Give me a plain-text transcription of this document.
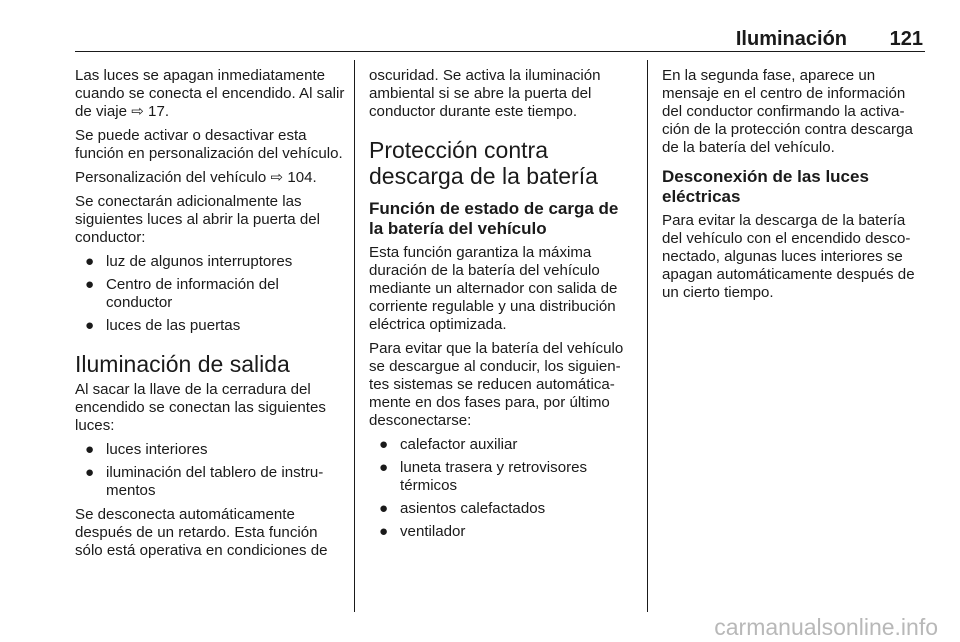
Iluminación 121

Las luces se apagan inmediatamente cuando se conecta el encendido. Al salir de viaje ⇨ 17.

Se puede activar o desactivar esta función en personalización del vehículo.

Personalización del vehículo ⇨ 104.

Se conectarán adicionalmente las siguientes luces al abrir la puerta del conductor:

● luz de algunos interruptores
● Centro de información del conductor
● luces de las puertas
Iluminación de salida

Al sacar la llave de la cerradura del encendido se conectan las siguientes luces:

● luces interiores
● iluminación del tablero de instru- mentos

Se desconecta automáticamente después de un retardo. Esta función sólo está operativa en condiciones de

oscuridad. Se activa la iluminación ambiental si se abre la puerta del conductor durante este tiempo.

Protección contra descarga de la batería
Función de estado de carga de la batería del vehículo

Esta función garantiza la máxima duración de la batería del vehículo mediante un alternador con salida de corriente regulable y una distribución eléctrica optimizada.

Para evitar que la batería del vehículo se descargue al conducir, los siguien- tes sistemas se reducen automática- mente en dos fases para, por último desconectarse:

● calefactor auxiliar
● luneta trasera y retrovisores térmicos
● asientos calefactados
● ventilador

En la segunda fase, aparece un mensaje en el centro de información del conductor confirmando la activa- ción de la protección contra descarga de la batería del vehículo.

Desconexión de las luces eléctricas

Para evitar la descarga de la batería del vehículo con el encendido desco- nectado, algunas luces interiores se apagan automáticamente después de un cierto tiempo.

carmanualsonline.info
